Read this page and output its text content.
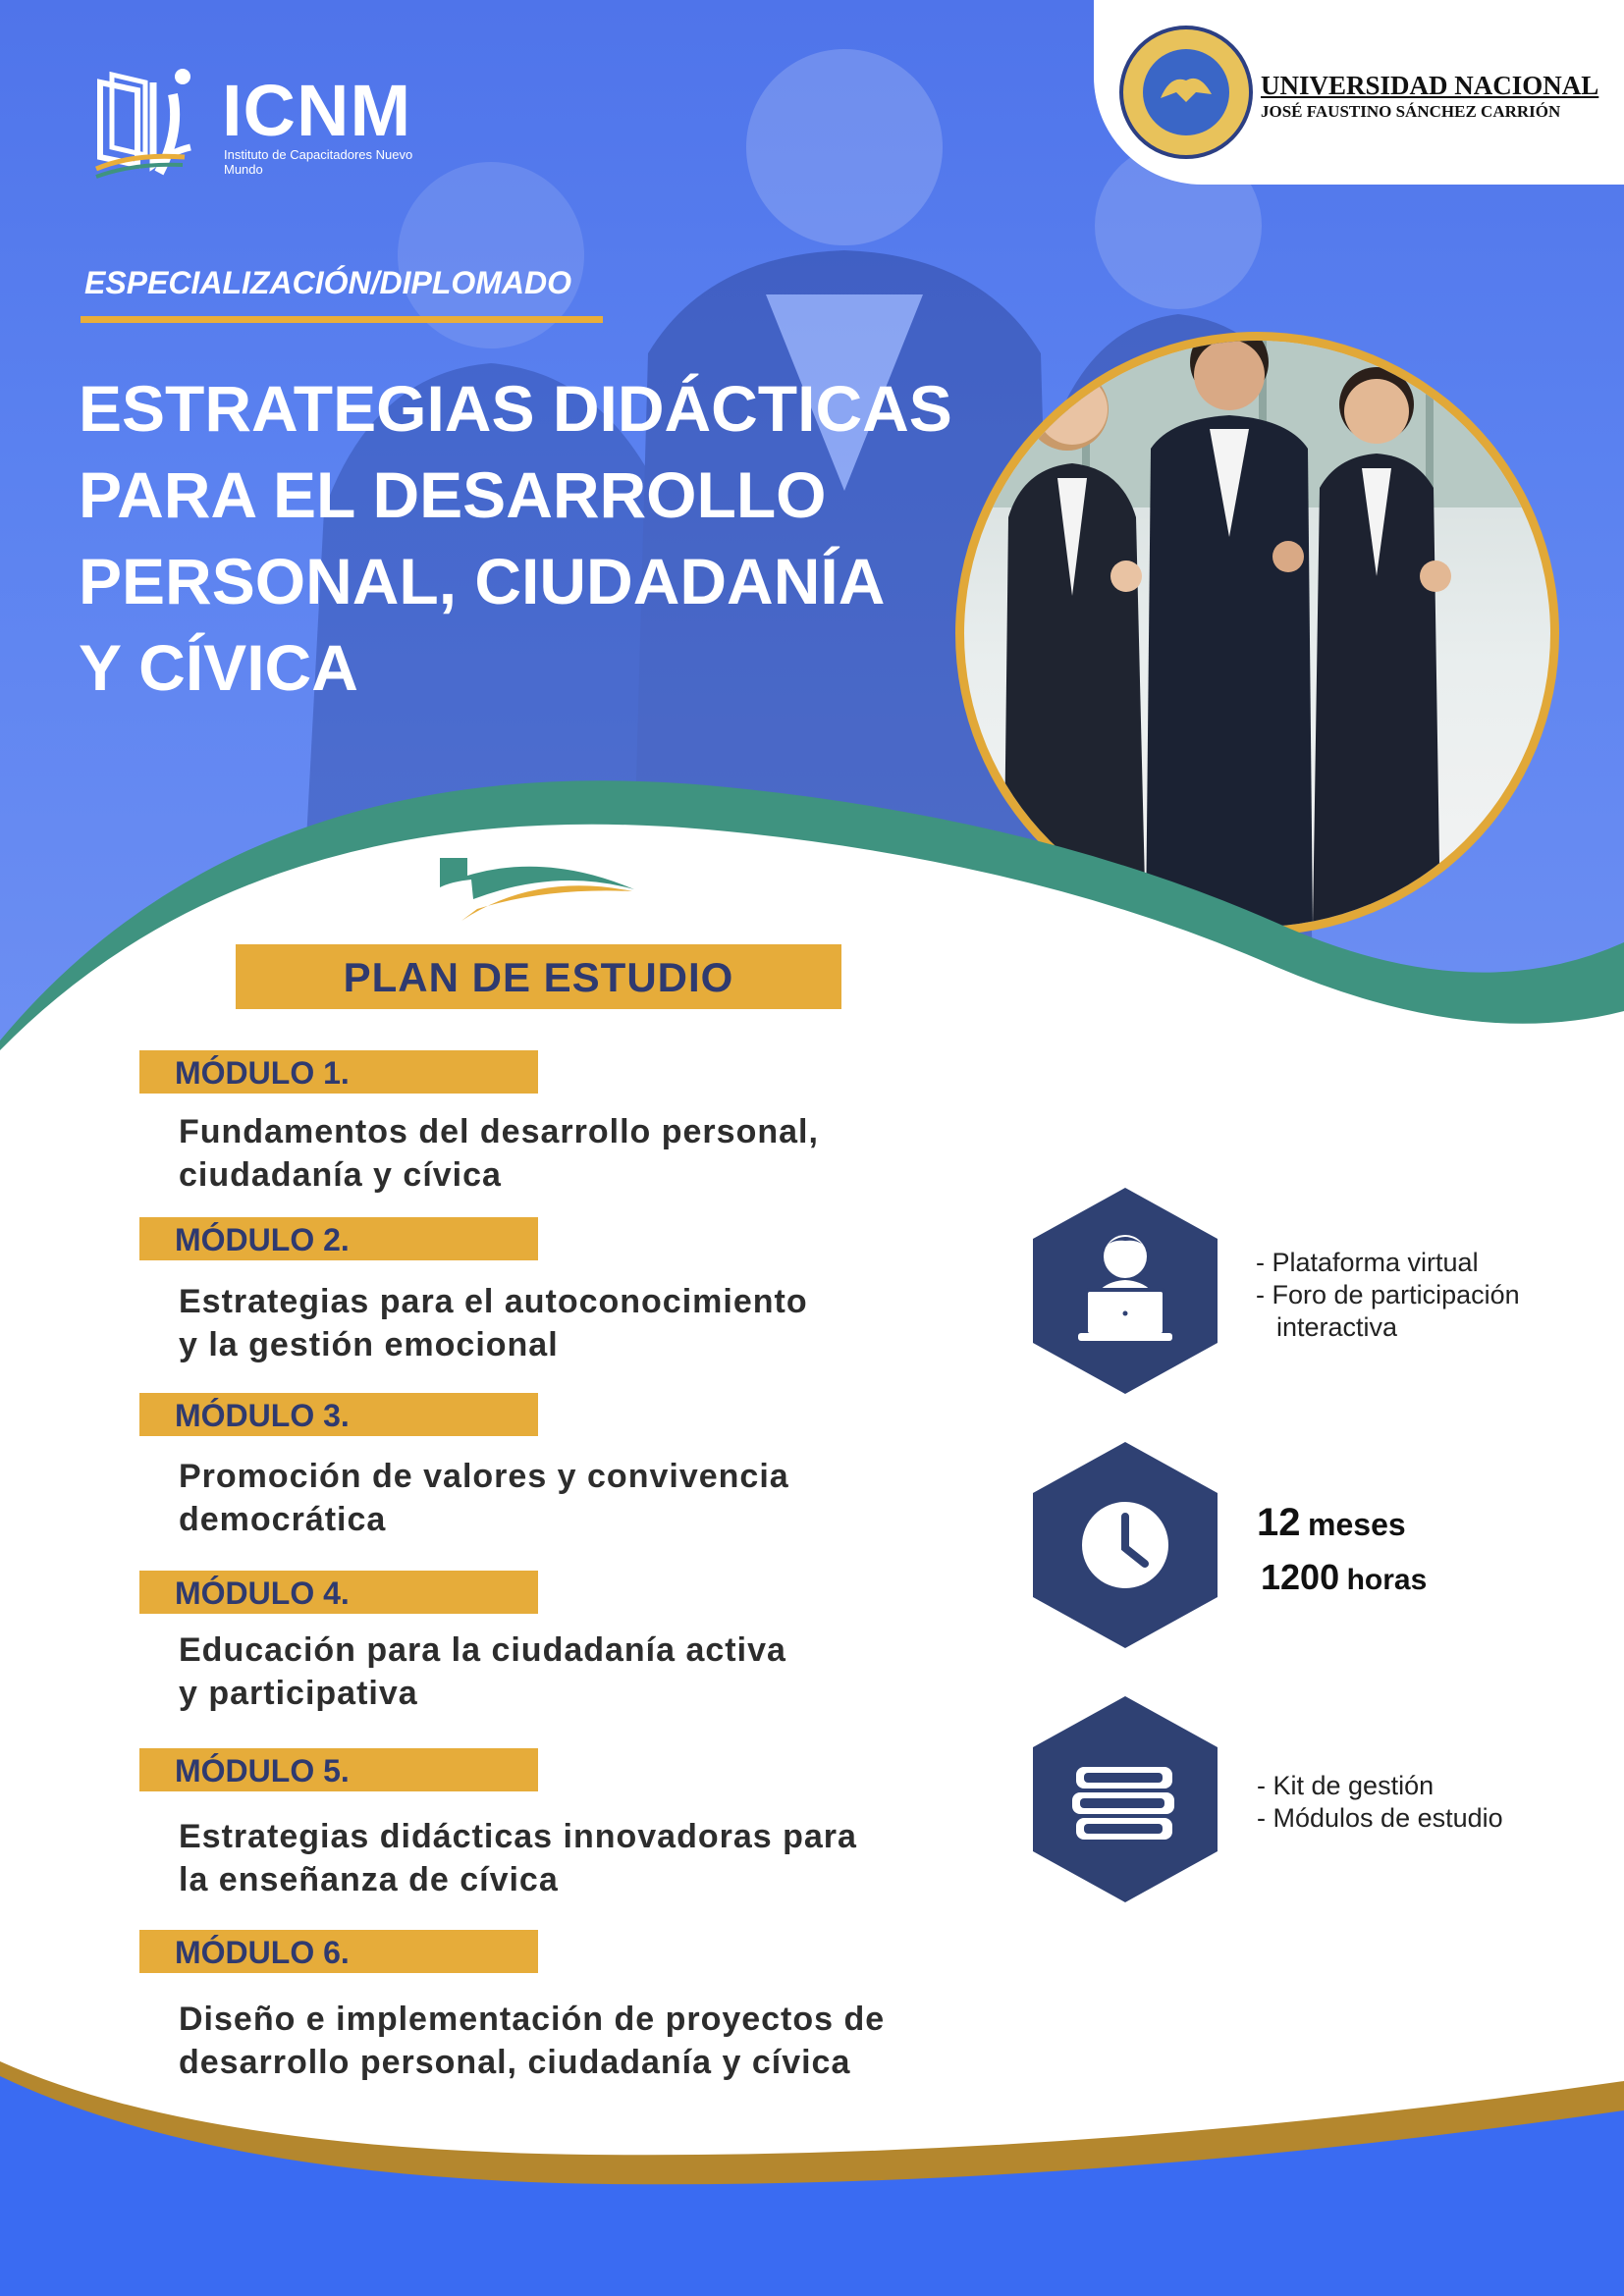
ICNM
Instituto de Capacitadores Nuevo Mundo
UNIVERSIDAD NACIONAL
JOSÉ FAUSTINO SÁNCHEZ CARRIÓN
ESPECIALIZACIÓN/DIPLOMADO
ESTRATEGIAS DIDÁCTICAS
PARA EL DESARROLLO
PERSONAL, CIUDADANÍA
Y CÍVICA
PLAN DE ESTUDIO
MÓDULO 1.
Fundamentos del desarrollo personal,
ciudadanía y cívica
MÓDULO 2.
Estrategias para el autoconocimiento
y la gestión emocional
MÓDULO 3.
Promoción de valores y convivencia
democrática
MÓDULO 4.
Educación para la ciudadanía activa
y participativa
MÓDULO 5.
Estrategias didácticas innovadoras para
la enseñanza de cívica
MÓDULO 6.
Diseño e implementación de proyectos de
desarrollo personal, ciudadanía y cívica
- Plataforma virtual
- Foro de participación
interactiva
12 meses
1200 horas
- Kit de gestión
- Módulos de estudio
